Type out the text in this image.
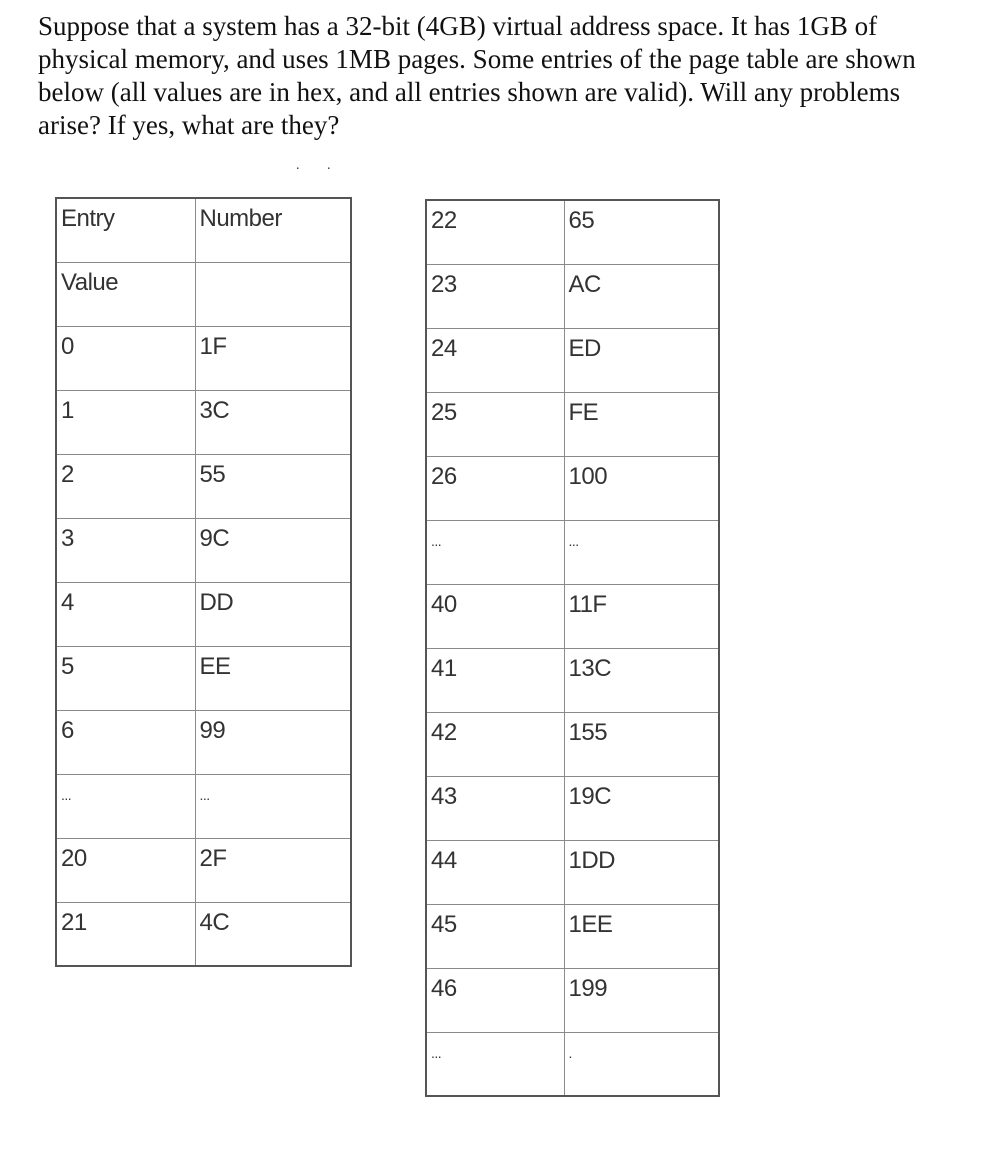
Suppose that a system has a 32-bit (4GB) virtual address space. It has 1GB of physical memory, and uses 1MB pages. Some entries of the page table are shown below (all values are in hex, and all entries shown are valid). Will any problems arise? If yes, what are they?

. .
Entry	Number
Value	
0	1F
1	3C
2	55
3	9C
4	DD
5	EE
6	99
...	...
20	2F
21	4C
22	65
23	AC
24	ED
25	FE
26	100
...	...
40	11F
41	13C
42	155
43	19C
44	1DD
45	1EE
46	199
...	.
